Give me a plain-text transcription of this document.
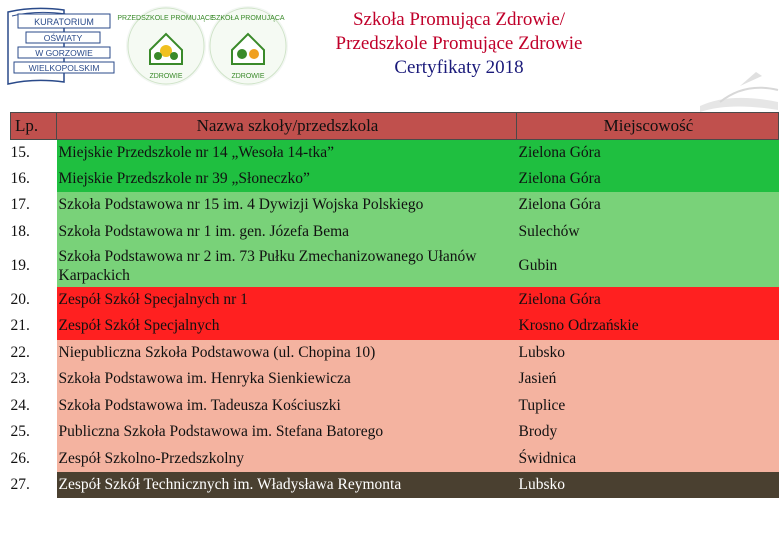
KURATORIUM
OŚWIATY
W GORZOWIE
WIELKOPOLSKIM
PRZEDSZKOLE PROMUJĄCE
ZDROWIE
SZKOŁA PROMUJĄCA
ZDROWIE
Szkoła Promująca Zdrowie/
Przedszkole Promujące Zdrowie
Certyfikaty 2018
Lp.	Nazwa szkoły/przedszkola	Miejscowość
15.	Miejskie Przedszkole nr 14 „Wesoła 14-tka”	Zielona Góra
16.	Miejskie Przedszkole nr 39 „Słoneczko”	Zielona Góra
17.	Szkoła Podstawowa nr 15 im. 4 Dywizji Wojska Polskiego	Zielona Góra
18.	Szkoła Podstawowa nr 1 im. gen. Józefa Bema	Sulechów
19.	Szkoła Podstawowa nr 2 im. 73 Pułku Zmechanizowanego Ułanów Karpackich	Gubin
20.	Zespół Szkół Specjalnych nr 1	Zielona Góra
21.	Zespół Szkół Specjalnych	Krosno Odrzańskie
22.	Niepubliczna Szkoła Podstawowa (ul. Chopina 10)	Lubsko
23.	Szkoła Podstawowa im. Henryka Sienkiewicza	Jasień
24.	Szkoła Podstawowa im. Tadeusza Kościuszki	Tuplice
25.	Publiczna Szkoła Podstawowa im. Stefana Batorego	Brody
26.	Zespół Szkolno-Przedszkolny	Świdnica
27.	Zespół Szkół Technicznych im. Władysława Reymonta	Lubsko
